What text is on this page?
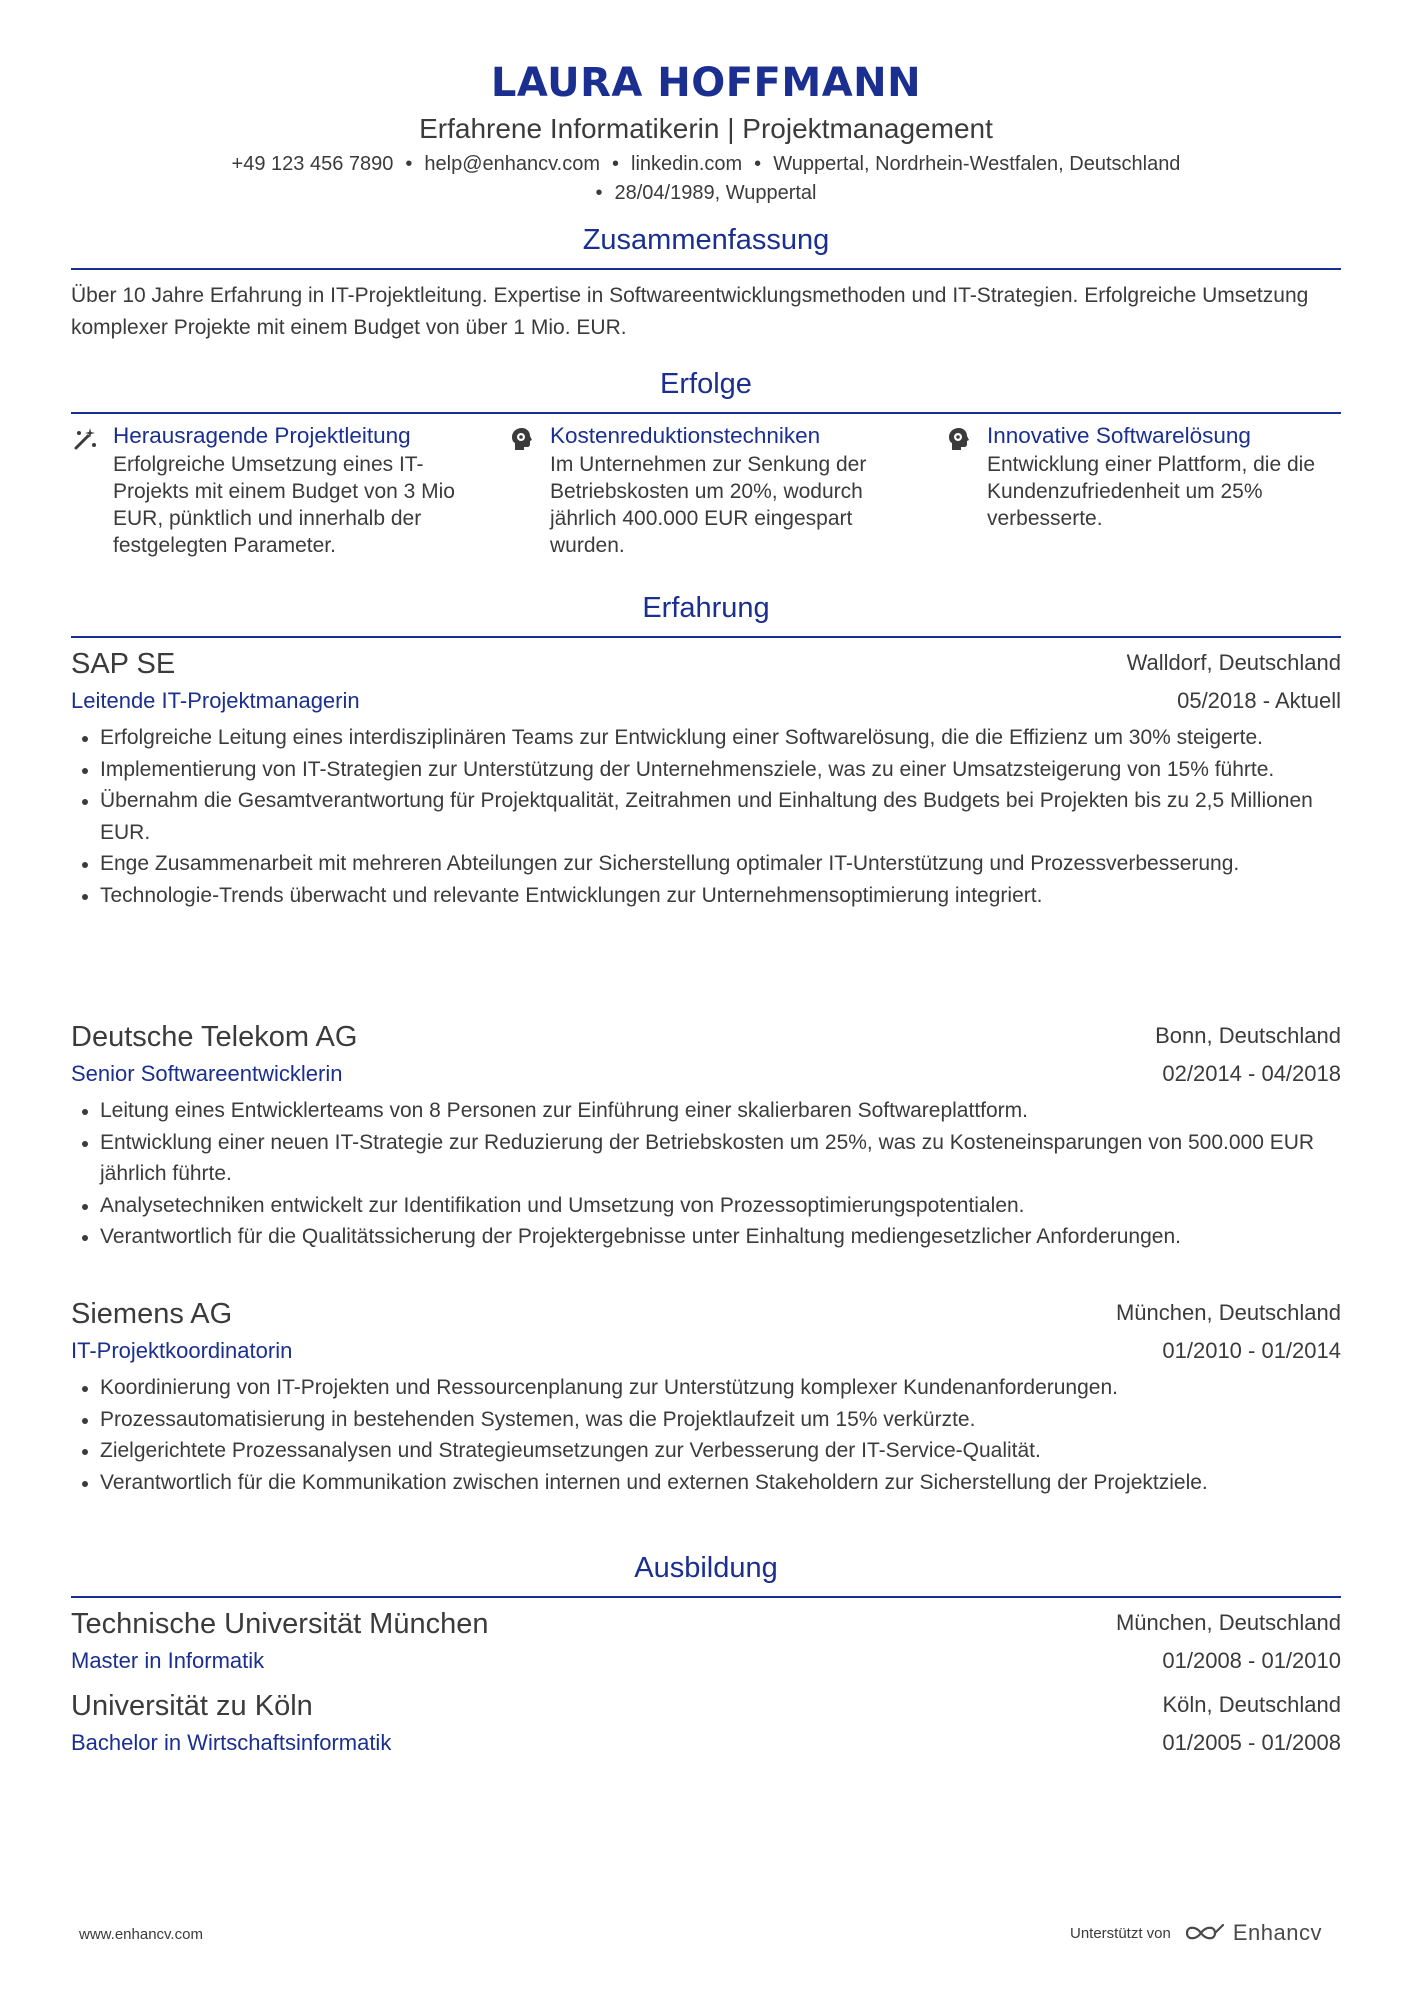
LAURA HOFFMANN
Erfahrene Informatikerin | Projektmanagement
+49 123 456 7890 • help@enhancv.com • linkedin.com • Wuppertal, Nordrhein-Westfalen, Deutschland
• 28/04/1989, Wuppertal
Zusammenfassung
Über 10 Jahre Erfahrung in IT-Projektleitung. Expertise in Softwareentwicklungsmethoden und IT-Strategien. Erfolgreiche Umsetzung komplexer Projekte mit einem Budget von über 1 Mio. EUR.
Erfolge
Herausragende Projektleitung
Erfolgreiche Umsetzung eines IT-Projekts mit einem Budget von 3 Mio EUR, pünktlich und innerhalb der festgelegten Parameter.
Kostenreduktionstechniken
Im Unternehmen zur Senkung der Betriebskosten um 20%, wodurch jährlich 400.000 EUR eingespart wurden.
Innovative Softwarelösung
Entwicklung einer Plattform, die die Kundenzufriedenheit um 25% verbesserte.
Erfahrung
SAP SE	Walldorf, Deutschland
Leitende IT-Projektmanagerin	05/2018 - Aktuell
Erfolgreiche Leitung eines interdisziplinären Teams zur Entwicklung einer Softwarelösung, die die Effizienz um 30% steigerte.
Implementierung von IT-Strategien zur Unterstützung der Unternehmensziele, was zu einer Umsatzsteigerung von 15% führte.
Übernahm die Gesamtverantwortung für Projektqualität, Zeitrahmen und Einhaltung des Budgets bei Projekten bis zu 2,5 Millionen EUR.
Enge Zusammenarbeit mit mehreren Abteilungen zur Sicherstellung optimaler IT-Unterstützung und Prozessverbesserung.
Technologie-Trends überwacht und relevante Entwicklungen zur Unternehmensoptimierung integriert.
Deutsche Telekom AG	Bonn, Deutschland
Senior Softwareentwicklerin	02/2014 - 04/2018
Leitung eines Entwicklerteams von 8 Personen zur Einführung einer skalierbaren Softwareplattform.
Entwicklung einer neuen IT-Strategie zur Reduzierung der Betriebskosten um 25%, was zu Kosteneinsparungen von 500.000 EUR jährlich führte.
Analysetechniken entwickelt zur Identifikation und Umsetzung von Prozessoptimierungspotentialen.
Verantwortlich für die Qualitätssicherung der Projektergebnisse unter Einhaltung mediengesetzlicher Anforderungen.
Siemens AG	München, Deutschland
IT-Projektkoordinatorin	01/2010 - 01/2014
Koordinierung von IT-Projekten und Ressourcenplanung zur Unterstützung komplexer Kundenanforderungen.
Prozessautomatisierung in bestehenden Systemen, was die Projektlaufzeit um 15% verkürzte.
Zielgerichtete Prozessanalysen und Strategieumsetzungen zur Verbesserung der IT-Service-Qualität.
Verantwortlich für die Kommunikation zwischen internen und externen Stakeholdern zur Sicherstellung der Projektziele.
Ausbildung
Technische Universität München	München, Deutschland
Master in Informatik	01/2008 - 01/2010
Universität zu Köln	Köln, Deutschland
Bachelor in Wirtschaftsinformatik	01/2005 - 01/2008
www.enhancv.com	Unterstützt von	Enhancv
